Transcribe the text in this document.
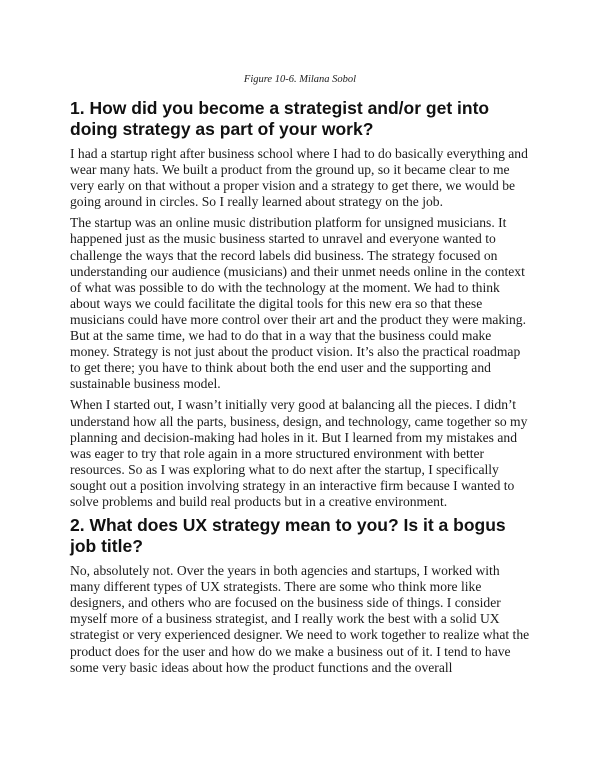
Figure 10-6. Milana Sobol

1. How did you become a strategist and/or get into doing strategy as part of your work?

I had a startup right after business school where I had to do basically everything and wear many hats. We built a product from the ground up, so it became clear to me very early on that without a proper vision and a strategy to get there, we would be going around in circles. So I really learned about strategy on the job.

The startup was an online music distribution platform for unsigned musicians. It happened just as the music business started to unravel and everyone wanted to challenge the ways that the record labels did business. The strategy focused on understanding our audience (musicians) and their unmet needs online in the context of what was possible to do with the technology at the moment. We had to think about ways we could facilitate the digital tools for this new era so that these musicians could have more control over their art and the product they were making. But at the same time, we had to do that in a way that the business could make money. Strategy is not just about the product vision. It’s also the practical roadmap to get there; you have to think about both the end user and the supporting and sustainable business model.

When I started out, I wasn’t initially very good at balancing all the pieces. I didn’t understand how all the parts, business, design, and technology, came together so my planning and decision-making had holes in it. But I learned from my mistakes and was eager to try that role again in a more structured environment with better resources. So as I was exploring what to do next after the startup, I specifically sought out a position involving strategy in an interactive firm because I wanted to solve problems and build real products but in a creative environment.

2. What does UX strategy mean to you? Is it a bogus job title?

No, absolutely not. Over the years in both agencies and startups, I worked with many different types of UX strategists. There are some who think more like designers, and others who are focused on the business side of things. I consider myself more of a business strategist, and I really work the best with a solid UX strategist or very experienced designer. We need to work together to realize what the product does for the user and how do we make a business out of it. I tend to have some very basic ideas about how the product functions and the overall
